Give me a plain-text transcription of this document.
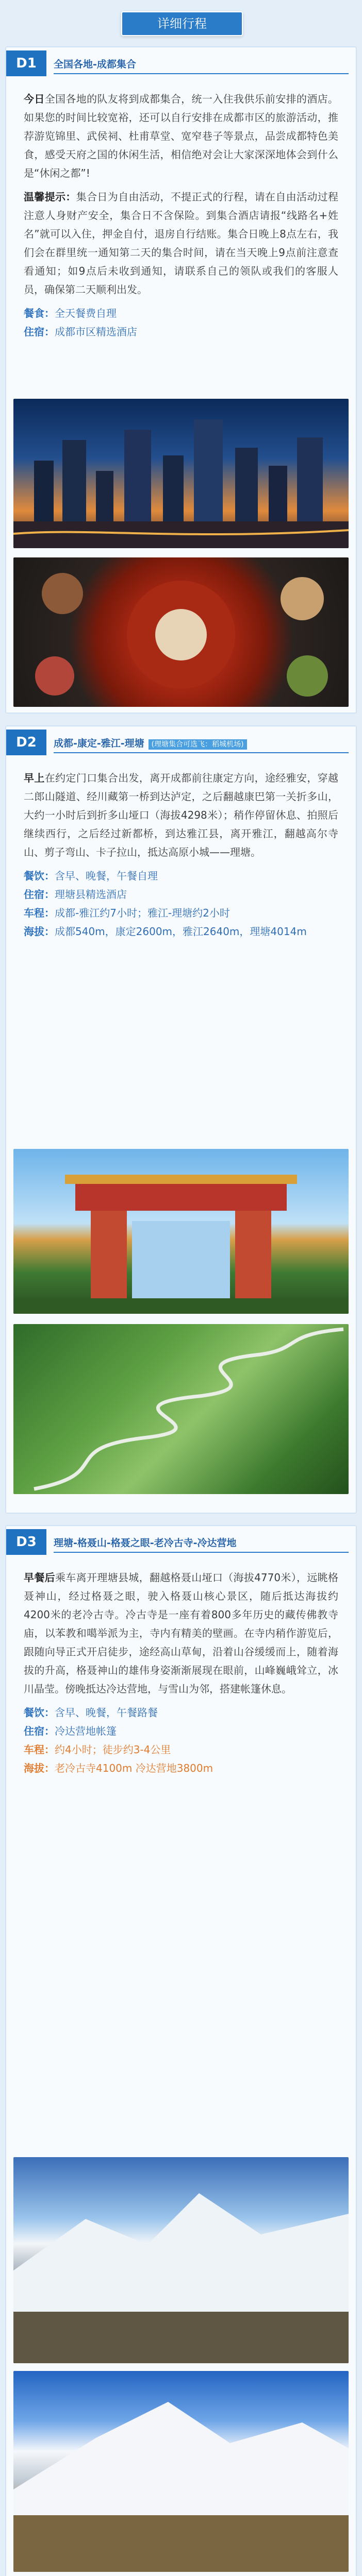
详细行程
D1	全国各地-成都集合

今日全国各地的队友将到成都集合，统一入住我供乐前安排的酒店。如果您的时间比较宽裕，还可以自行安排在成都市区的旅游活动，推荐游览锦里、武侯祠、杜甫草堂、宽窄巷子等景点，品尝成都特色美食，感受天府之国的休闲生活，相信绝对会让大家深深地体会到什么是“休闲之都”!

温馨提示：集合日为自由活动，不提正式的行程，请在自由活动过程注意人身财产安全，集合日不含保险。到集合酒店请报“线路名+姓名”就可以入住，押金自付，退房自行结账。集合日晚上8点左右，我们会在群里统一通知第二天的集合时间，请在当天晚上9点前注意查看通知；如9点后未收到通知，请联系自己的领队或我们的客服人员，确保第二天顺利出发。

餐食：全天餐费自理

住宿：成都市区精选酒店

D2	成都-康定-雅江-理塘 (理塘集合可选飞：稻城机场)

早上在约定门口集合出发，离开成都前往康定方向，途经雅安，穿越二郎山隧道、经川藏第一桥到达泸定，之后翻越康巴第一关折多山，大约一小时后到折多山垭口（海拔4298米）；稍作停留休息、拍照后继续西行，之后经过新都桥，到达雅江县，离开雅江，翻越高尔寺山、剪子弯山、卡子拉山，抵达高原小城——理塘。

餐饮：含早、晚餐，午餐自理

住宿：理塘县精选酒店

车程：成都-雅江约7小时；雅江-理塘约2小时

海拔：成都540m，康定2600m，雅江2640m，理塘4014m

D3	理塘-格聂山-格聂之眼-老冷古寺-冷达营地

早餐后乘车离开理塘县城，翻越格聂山垭口（海拔4770米），远眺格聂神山，经过格聂之眼，驶入格聂山核心景区，随后抵达海拔约4200米的老冷古寺。冷古寺是一座有着800多年历史的藏传佛教寺庙，以苯教和噶举派为主，寺内有精美的壁画。在寺内稍作游览后，跟随向导正式开启徒步，途经高山草甸，沿着山谷缓缓而上，随着海拔的升高，格聂神山的雄伟身姿渐渐展现在眼前，山峰巍峨耸立，冰川晶莹。傍晚抵达冷达营地，与雪山为邻，搭建帐篷休息。

餐饮：含早、晚餐，午餐路餐

住宿：冷达营地帐篷

车程：约4小时；徒步约3-4公里

海拔：老冷古寺4100m 冷达营地3800m
